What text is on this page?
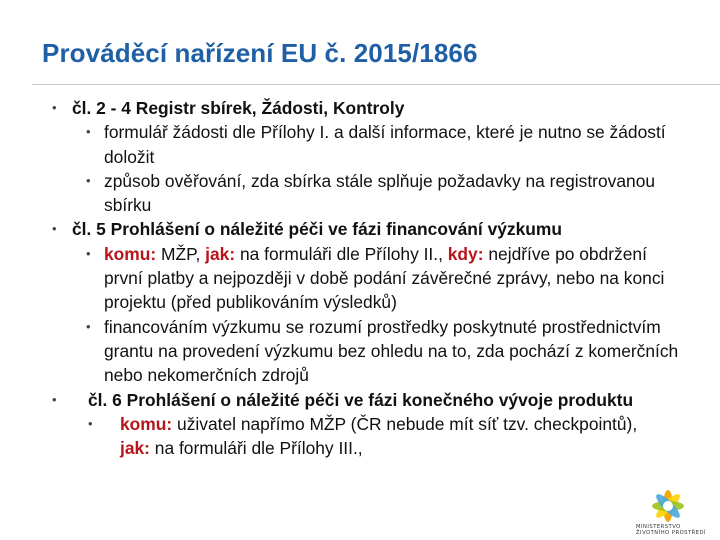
Prováděcí nařízení EU č. 2015/1866
• čl. 2 - 4 Registr sbírek, Žádosti, Kontroly
• formulář žádosti dle Přílohy I. a další informace, které je nutno se žádostí doložit
• způsob ověřování, zda sbírka stále splňuje požadavky na registrovanou sbírku
• čl. 5 Prohlášení o náležité péči ve fázi financování výzkumu
• komu: MŽP, jak: na formuláři dle Přílohy II., kdy: nejdříve po obdržení první platby a nejpozději v době podání závěrečné zprávy, nebo na konci projektu (před publikováním výsledků)
• financováním výzkumu se rozumí prostředky poskytnuté prostřednictvím grantu na provedení výzkumu bez ohledu na to, zda pochází z komerčních nebo nekomerčních zdrojů
• čl. 6 Prohlášení o náležité péči ve fázi konečného vývoje produktu
• komu: uživatel napřímo MŽP (ČR nebude mít síť tzv. checkpointů), jak: na formuláři dle Přílohy III.,
MINISTERSTVO ŽIVOTNÍHO PROSTŘEDÍ
